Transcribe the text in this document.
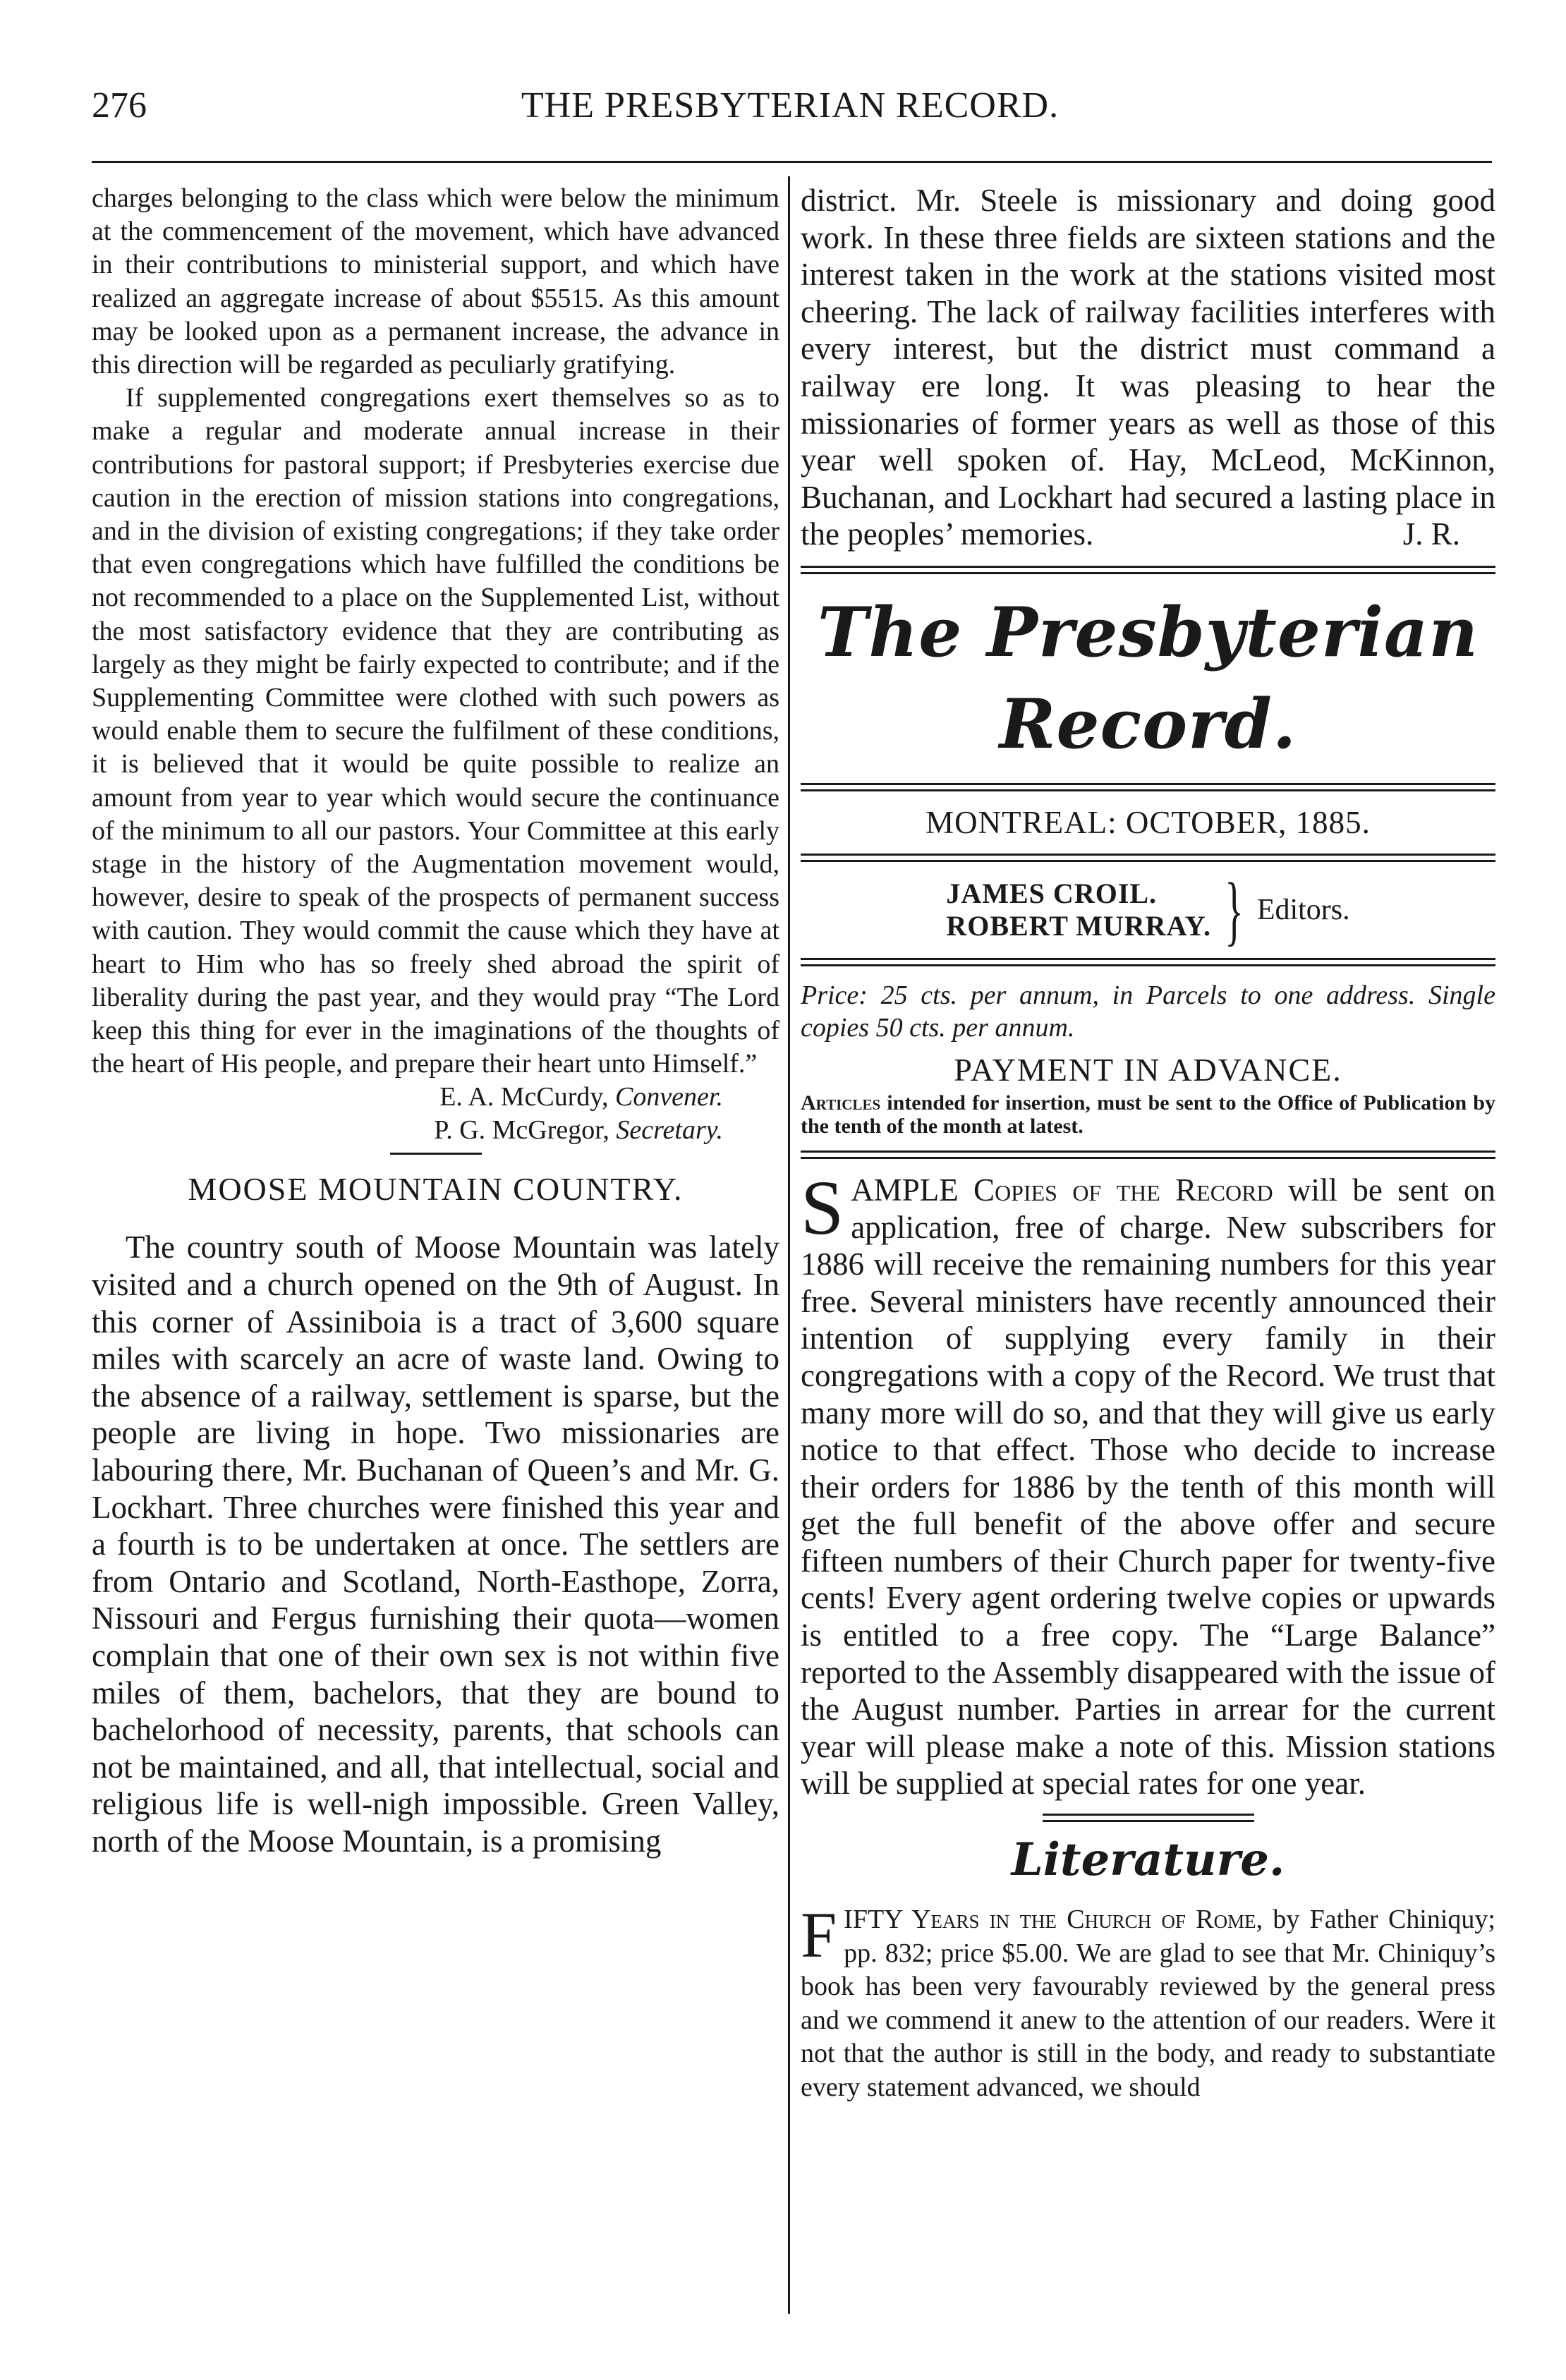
276	THE PRESBYTERIAN RECORD.

charges belonging to the class which were below the minimum at the commencement of the movement, which have advanced in their contributions to ministerial support, and which have realized an aggregate increase of about $5515. As this amount may be looked upon as a permanent increase, the advance in this direction will be regarded as peculiarly gratifying.

If supplemented congregations exert themselves so as to make a regular and moderate annual increase in their contributions for pastoral support; if Presbyteries exercise due caution in the erection of mission stations into congregations, and in the division of existing congregations; if they take order that even congregations which have fulfilled the conditions be not recommended to a place on the Supplemented List, without the most satisfactory evidence that they are contributing as largely as they might be fairly expected to contribute; and if the Supplementing Committee were clothed with such powers as would enable them to secure the fulfilment of these conditions, it is believed that it would be quite possible to realize an amount from year to year which would secure the continuance of the minimum to all our pastors. Your Committee at this early stage in the history of the Augmentation movement would, however, desire to speak of the prospects of permanent success with caution. They would commit the cause which they have at heart to Him who has so freely shed abroad the spirit of liberality during the past year, and they would pray “The Lord keep this thing for ever in the imaginations of the thoughts of the heart of His people, and prepare their heart unto Himself.”

E. A. McCurdy, Convener.
P. G. McGregor, Secretary.
MOOSE MOUNTAIN COUNTRY.

The country south of Moose Mountain was lately visited and a church opened on the 9th of August. In this corner of Assiniboia is a tract of 3,600 square miles with scarcely an acre of waste land. Owing to the absence of a railway, settlement is sparse, but the people are living in hope. Two missionaries are labouring there, Mr. Buchanan of Queen’s and Mr. G. Lockhart. Three churches were finished this year and a fourth is to be undertaken at once. The settlers are from Ontario and Scotland, North-Easthope, Zorra, Nissouri and Fergus furnishing their quota—women complain that one of their own sex is not within five miles of them, bachelors, that they are bound to bachelorhood of necessity, parents, that schools can not be maintained, and all, that intellectual, social and religious life is well-nigh impossible. Green Valley, north of the Moose Mountain, is a promising

district. Mr. Steele is missionary and doing good work. In these three fields are sixteen stations and the interest taken in the work at the stations visited most cheering. The lack of railway facilities interferes with every interest, but the district must command a railway ere long. It was pleasing to hear the missionaries of former years as well as those of this year well spoken of. Hay, McLeod, McKinnon, Buchanan, and Lockhart had secured a lasting place in the peoples’ memories.	J. R.

The Presbyterian Record.
MONTREAL: OCTOBER, 1885.
JAMES CROIL.
ROBERT MURRAY. } Editors.

Price: 25 cts. per annum, in Parcels to one address. Single copies 50 cts. per annum.

PAYMENT IN ADVANCE.

Articles intended for insertion, must be sent to the Office of Publication by the tenth of the month at latest.

SAMPLE Copies of the Record will be sent on application, free of charge. New subscribers for 1886 will receive the remaining numbers for this year free. Several ministers have recently announced their intention of supplying every family in their congregations with a copy of the Record. We trust that many more will do so, and that they will give us early notice to that effect. Those who decide to increase their orders for 1886 by the tenth of this month will get the full benefit of the above offer and secure fifteen numbers of their Church paper for twenty-five cents! Every agent ordering twelve copies or upwards is entitled to a free copy. The “Large Balance” reported to the Assembly disappeared with the issue of the August number. Parties in arrear for the current year will please make a note of this. Mission stations will be supplied at special rates for one year.

Literature.

FIFTY Years in the Church of Rome, by Father Chiniquy; pp. 832; price $5.00. We are glad to see that Mr. Chiniquy’s book has been very favourably reviewed by the general press and we commend it anew to the attention of our readers. Were it not that the author is still in the body, and ready to substantiate every statement advanced, we should
